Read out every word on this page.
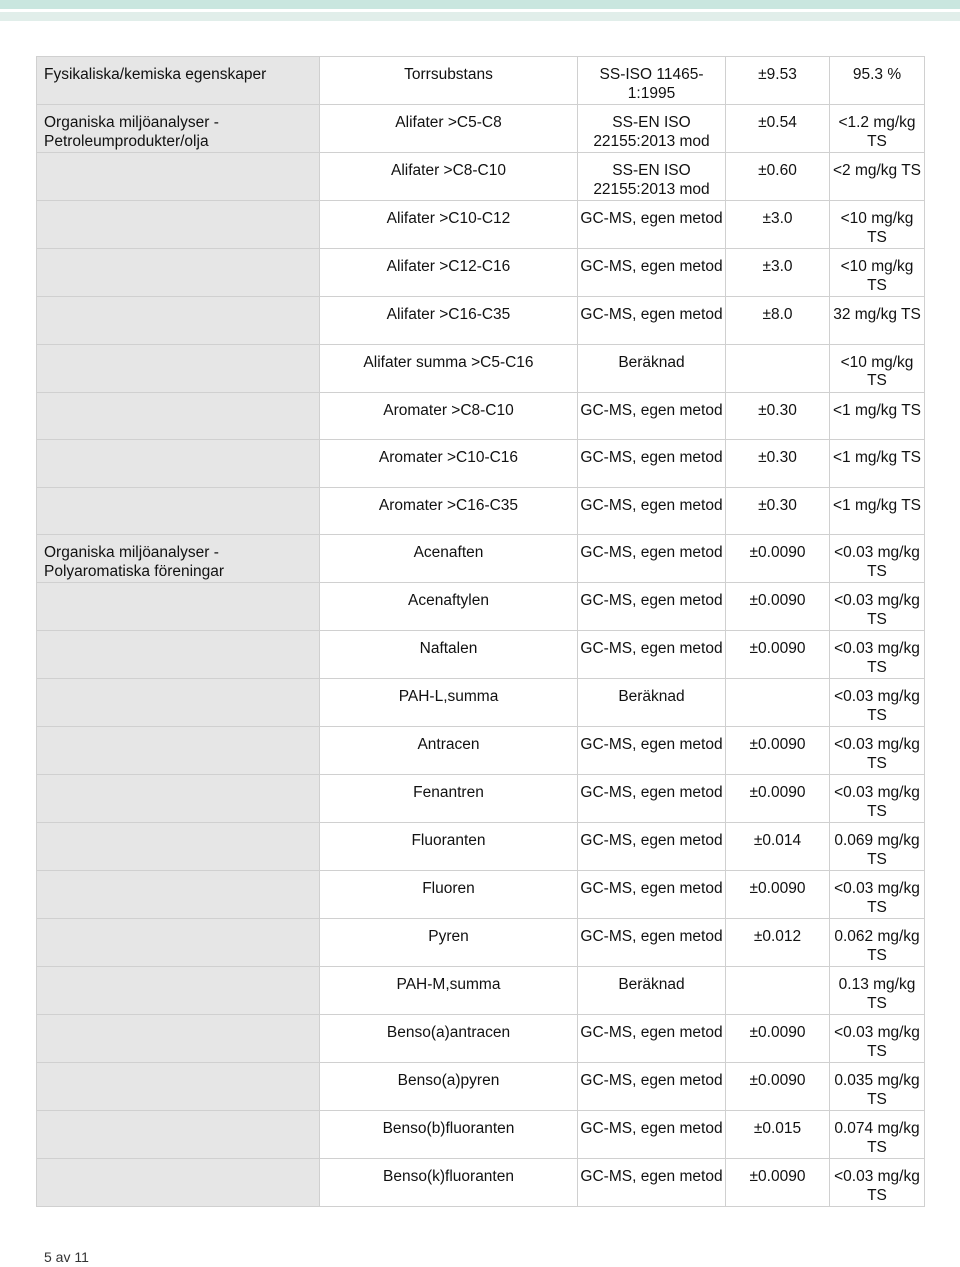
Fysikaliska/kemiska egenskaper	Torrsubstans	SS-ISO 11465-1:1995	±9.53	95.3 %
Organiska miljöanalyser - Petroleumprodukter/olja	Alifater >C5-C8	SS-EN ISO 22155:2013 mod	±0.54	<1.2 mg/kg TS
	Alifater >C8-C10	SS-EN ISO 22155:2013 mod	±0.60	<2 mg/kg TS
	Alifater >C10-C12	GC-MS, egen metod	±3.0	<10 mg/kg TS
	Alifater >C12-C16	GC-MS, egen metod	±3.0	<10 mg/kg TS
	Alifater >C16-C35	GC-MS, egen metod	±8.0	32 mg/kg TS
	Alifater summa >C5-C16	Beräknad		<10 mg/kg TS
	Aromater >C8-C10	GC-MS, egen metod	±0.30	<1 mg/kg TS
	Aromater >C10-C16	GC-MS, egen metod	±0.30	<1 mg/kg TS
	Aromater >C16-C35	GC-MS, egen metod	±0.30	<1 mg/kg TS
Organiska miljöanalyser - Polyaromatiska föreningar	Acenaften	GC-MS, egen metod	±0.0090	<0.03 mg/kg TS
	Acenaftylen	GC-MS, egen metod	±0.0090	<0.03 mg/kg TS
	Naftalen	GC-MS, egen metod	±0.0090	<0.03 mg/kg TS
	PAH-L,summa	Beräknad		<0.03 mg/kg TS
	Antracen	GC-MS, egen metod	±0.0090	<0.03 mg/kg TS
	Fenantren	GC-MS, egen metod	±0.0090	<0.03 mg/kg TS
	Fluoranten	GC-MS, egen metod	±0.014	0.069 mg/kg TS
	Fluoren	GC-MS, egen metod	±0.0090	<0.03 mg/kg TS
	Pyren	GC-MS, egen metod	±0.012	0.062 mg/kg TS
	PAH-M,summa	Beräknad		0.13 mg/kg TS
	Benso(a)antracen	GC-MS, egen metod	±0.0090	<0.03 mg/kg TS
	Benso(a)pyren	GC-MS, egen metod	±0.0090	0.035 mg/kg TS
	Benso(b)fluoranten	GC-MS, egen metod	±0.015	0.074 mg/kg TS
	Benso(k)fluoranten	GC-MS, egen metod	±0.0090	<0.03 mg/kg TS
5 av 11
